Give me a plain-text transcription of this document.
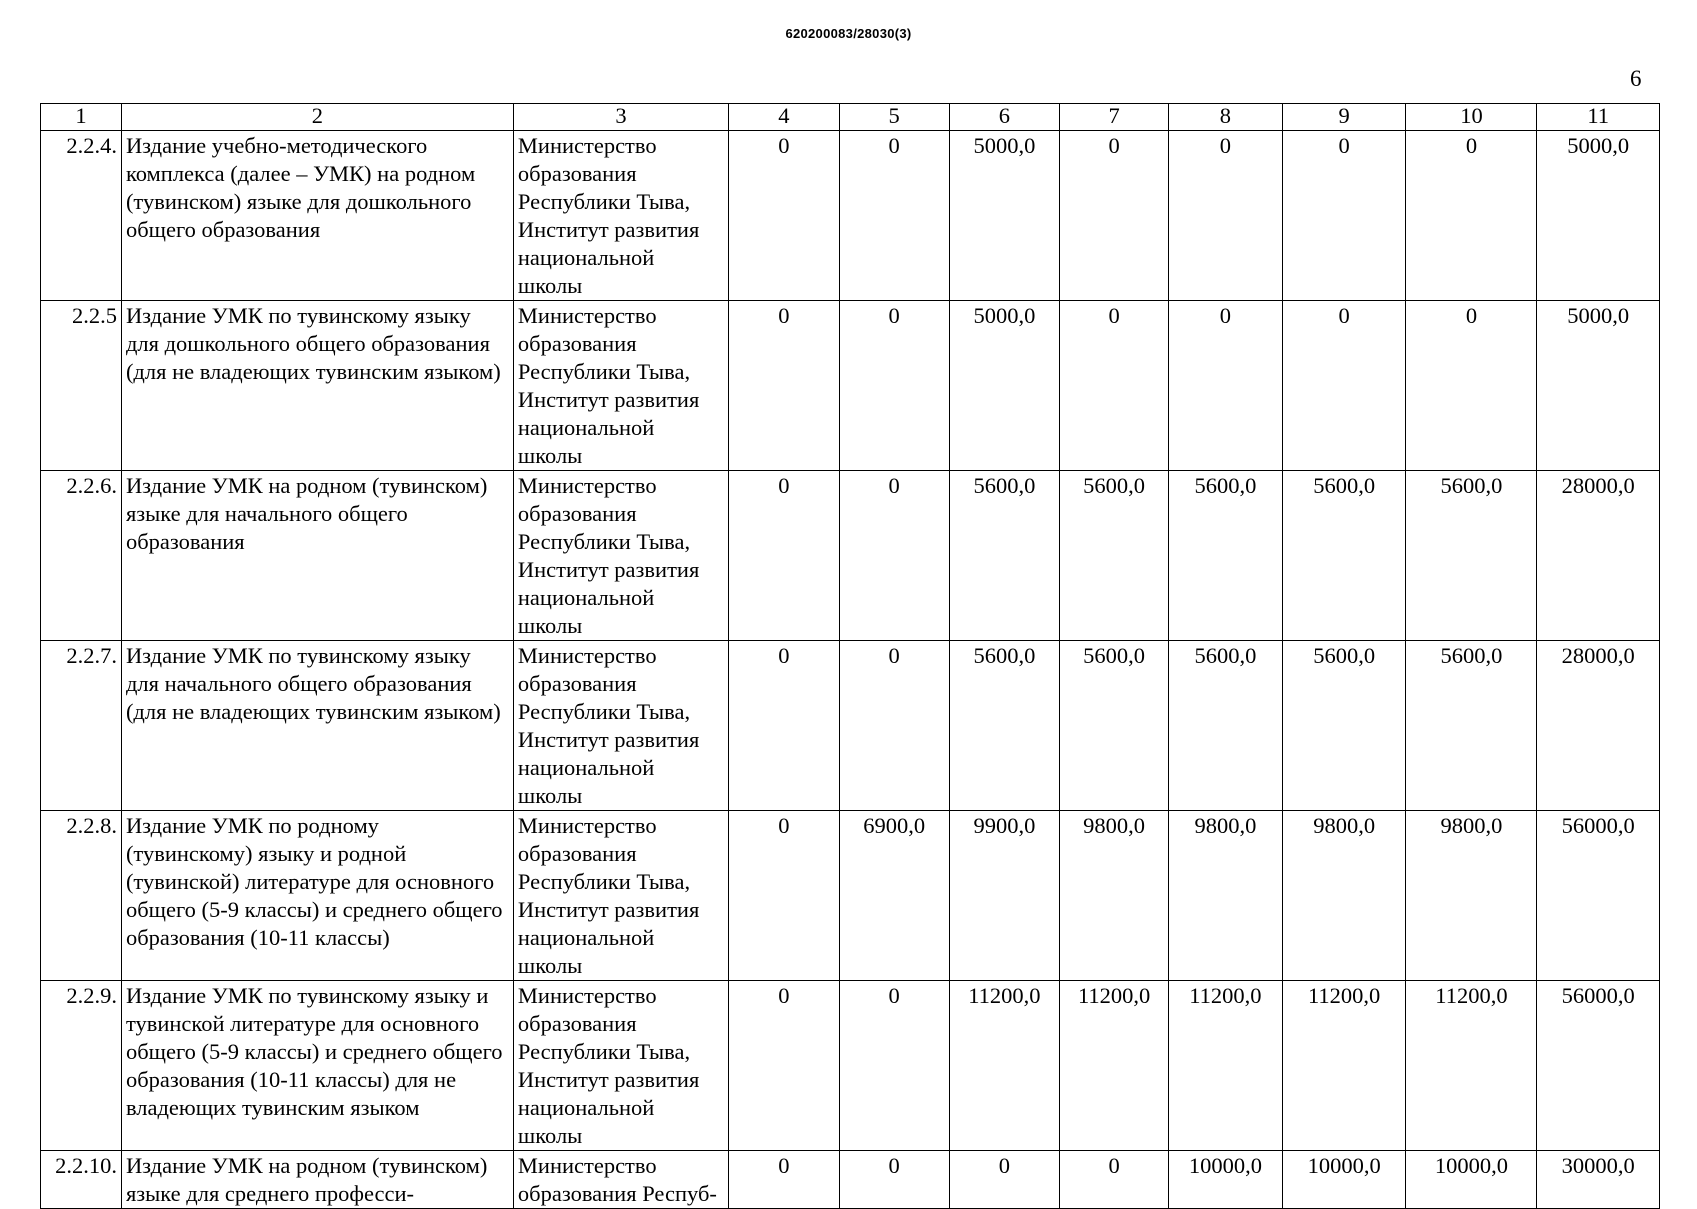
620200083/28030(3)
6
1	2	3	4	5	6	7	8	9	10	11
2.2.4.	Издание учебно-методического комплекса (далее – УМК) на родном (тувинском) языке для дошкольного общего образования	Министерство образования Республики Тыва, Институт развития национальной школы	0	0	5000,0	0	0	0	0	5000,0
2.2.5	Издание УМК по тувинскому языку для дошкольного общего образования (для не владеющих тувинским языком)	Министерство образования Республики Тыва, Институт развития национальной школы	0	0	5000,0	0	0	0	0	5000,0
2.2.6.	Издание УМК на родном (тувинском) языке для начального общего образования	Министерство образования Республики Тыва, Институт развития национальной школы	0	0	5600,0	5600,0	5600,0	5600,0	5600,0	28000,0
2.2.7.	Издание УМК по тувинскому языку для начального общего образования (для не владеющих тувинским языком)	Министерство образования Республики Тыва, Институт развития национальной школы	0	0	5600,0	5600,0	5600,0	5600,0	5600,0	28000,0
2.2.8.	Издание УМК по родному (тувинскому) языку и родной (тувинской) литературе для основного общего (5-9 классы) и среднего общего образования (10-11 классы)	Министерство образования Республики Тыва, Институт развития национальной школы	0	6900,0	9900,0	9800,0	9800,0	9800,0	9800,0	56000,0
2.2.9.	Издание УМК по тувинскому языку и тувинской литературе для основного общего (5-9 классы) и среднего общего образования (10-11 классы) для не владеющих тувинским языком	Министерство образования Республики Тыва, Институт развития национальной школы	0	0	11200,0	11200,0	11200,0	11200,0	11200,0	56000,0
2.2.10.	Издание УМК на родном (тувинском) языке для среднего професси-	Министерство образования Респуб-	0	0	0	0	10000,0	10000,0	10000,0	30000,0
